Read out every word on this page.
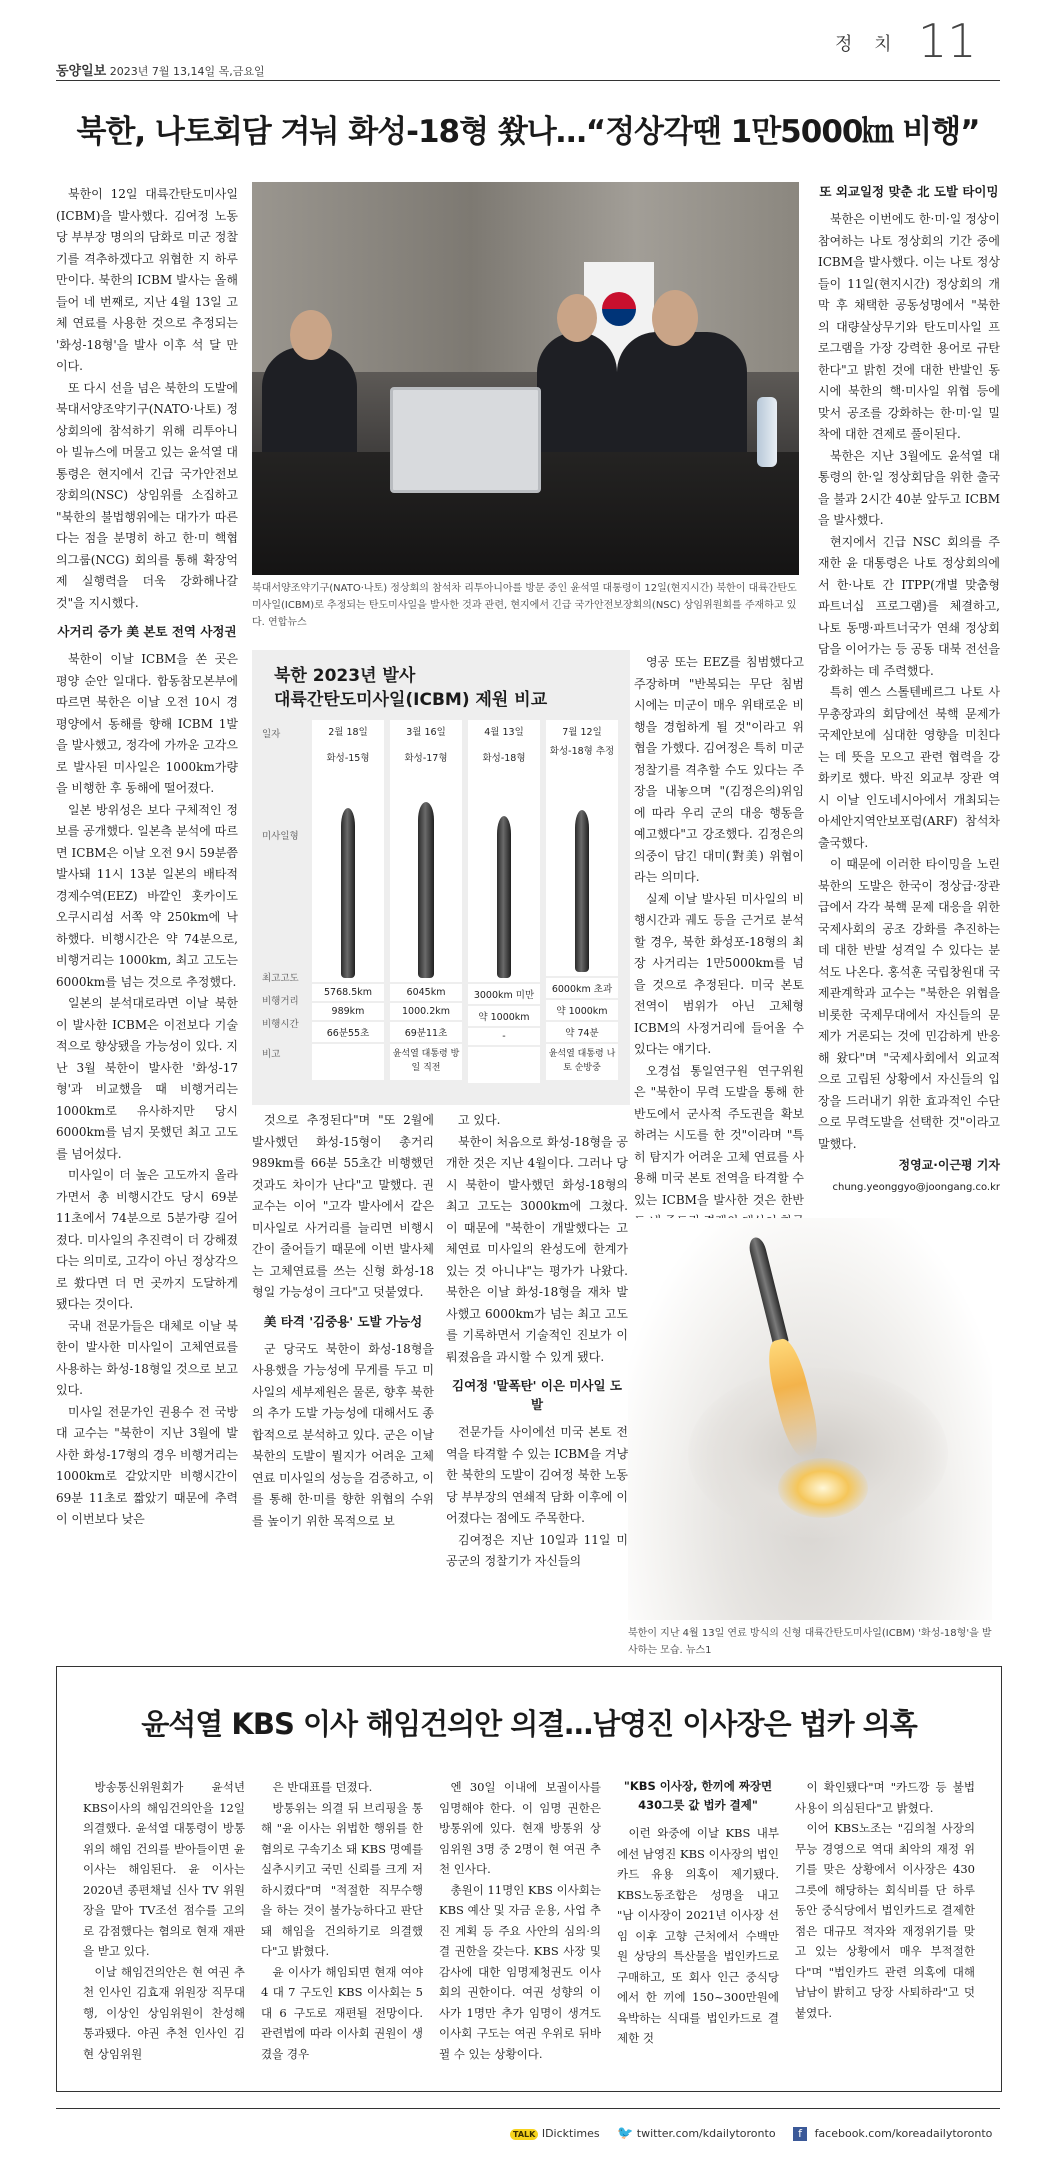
동양일보 2023년 7월 13,14일 목,금요일
정 치 11
북한, 나토회담 겨눠 화성-18형 쐈나…“정상각땐 1만5000㎞ 비행”

북한이 12일 대륙간탄도미사일(ICBM)을 발사했다. 김여정 노동당 부부장 명의의 담화로 미군 정찰기를 격추하겠다고 위협한 지 하루 만이다. 북한의 ICBM 발사는 올해 들어 네 번째로, 지난 4월 13일 고체 연료를 사용한 것으로 추정되는 '화성-18형'을 발사 이후 석 달 만이다.

또 다시 선을 넘은 북한의 도발에 북대서양조약기구(NATO·나토) 정상회의에 참석하기 위해 리투아니아 빌뉴스에 머물고 있는 윤석열 대통령은 현지에서 긴급 국가안전보장회의(NSC) 상임위를 소집하고 "북한의 불법행위에는 대가가 따른다는 점을 분명히 하고 한·미 핵협의그룹(NCG) 회의를 통해 확장억제 실행력을 더욱 강화해나갈 것"을 지시했다.

사거리 증가 美 본토 전역 사정권

북한이 이날 ICBM을 쏜 곳은 평양 순안 일대다. 합동참모본부에 따르면 북한은 이날 오전 10시 경 평양에서 동해를 향해 ICBM 1발을 발사했고, 정각에 가까운 고각으로 발사된 미사일은 1000km가량을 비행한 후 동해에 떨어졌다.

일본 방위성은 보다 구체적인 정보를 공개했다. 일본측 분석에 따르면 ICBM은 이날 오전 9시 59분쯤 발사돼 11시 13분 일본의 배타적경제수역(EEZ) 바깥인 홋카이도 오쿠시리섬 서쪽 약 250km에 낙하했다. 비행시간은 약 74분으로, 비행거리는 1000km, 최고 고도는 6000km를 넘는 것으로 추정했다.

일본의 분석대로라면 이날 북한이 발사한 ICBM은 이전보다 기술적으로 향상됐을 가능성이 있다. 지난 3월 북한이 발사한 '화성-17형'과 비교했을 때 비행거리는 1000km로 유사하지만 당시 6000km를 넘지 못했던 최고 고도를 넘어섰다.

미사일이 더 높은 고도까지 올라가면서 총 비행시간도 당시 69분 11초에서 74분으로 5분가량 길어졌다. 미사일의 추진력이 더 강해졌다는 의미로, 고각이 아닌 정상각으로 쐈다면 더 먼 곳까지 도달하게 됐다는 것이다.

국내 전문가들은 대체로 이날 북한이 발사한 미사일이 고체연료를 사용하는 화성-18형일 것으로 보고 있다.

미사일 전문가인 권용수 전 국방대 교수는 "북한이 지난 3월에 발사한 화성-17형의 경우 비행거리는 1000km로 같았지만 비행시간이 69분 11초로 짧았기 때문에 추력이 이번보다 낮은

북대서양조약기구(NATO·나토) 정상회의 참석차 리투아니아를 방문 중인 윤석열 대통령이 12일(현지시간) 북한이 대륙간탄도미사일(ICBM)로 추정되는 탄도미사일을 발사한 것과 관련, 현지에서 긴급 국가안전보장회의(NSC) 상임위원회를 주재하고 있다. 연합뉴스
북한 2023년 발사
대륙간탄도미사일(ICBM) 제원 비교
일자
미사일형
최고고도
비행거리
비행시간
비고
2월 18일
화성-15형
5768.5km
989km
66분55초
3월 16일
화성-17형
6045km
1000.2km
69분11초
윤석열 대통령 방일 직전
4월 13일
화성-18형
3000km 미만
약 1000km
-
7월 12일
화성-18형 추정
6000km 초과
약 1000km
약 74분
윤석열 대통령 나토 순방중

것으로 추정된다"며 "또 2월에 발사했던 화성-15형이 총거리 989km를 66분 55초간 비행했던 것과도 차이가 난다"고 말했다. 권 교수는 이어 "고각 발사에서 같은 미사일로 사거리를 늘리면 비행시간이 줄어들기 때문에 이번 발사체는 고체연료를 쓰는 신형 화성-18형일 가능성이 크다"고 덧붙였다.

美 타격 '김중용' 도발 가능성

군 당국도 북한이 화성-18형을 사용했을 가능성에 무게를 두고 미사일의 세부제원은 물론, 향후 북한의 추가 도발 가능성에 대해서도 종합적으로 분석하고 있다. 군은 이날 북한의 도발이 뭘지가 어려운 고체 연료 미사일의 성능을 검증하고, 이를 통해 한·미를 향한 위협의 수위를 높이기 위한 목적으로 보

고 있다.

북한이 처음으로 화성-18형을 공개한 것은 지난 4월이다. 그러나 당시 북한이 발사했던 화성-18형의 최고 고도는 3000km에 그쳤다. 이 때문에 "북한이 개발했다는 고체연료 미사일의 완성도에 한계가 있는 것 아니냐"는 평가가 나왔다. 북한은 이날 화성-18형을 재차 발사했고 6000km가 넘는 최고 고도를 기록하면서 기술적인 진보가 이뤄졌음을 과시할 수 있게 됐다.

김여정 '말폭탄' 이은 미사일 도발

전문가들 사이에선 미국 본토 전역을 타격할 수 있는 ICBM을 겨냥한 북한의 도발이 김여정 북한 노동당 부부장의 연쇄적 담화 이후에 이어졌다는 점에도 주목한다.

김여정은 지난 10일과 11일 미 공군의 정찰기가 자신들의

영공 또는 EEZ를 침범했다고 주장하며 "반복되는 무단 침범 시에는 미군이 매우 위태로운 비행을 경험하게 될 것"이라고 위협을 가했다. 김여정은 특히 미군 정찰기를 격추할 수도 있다는 주장을 내놓으며 "(김정은의)위임에 따라 우리 군의 대응 행동을 예고했다"고 강조했다. 김정은의 의중이 담긴 대미(對美) 위협이라는 의미다.

실제 이날 발사된 미사일의 비행시간과 궤도 등을 근거로 분석할 경우, 북한 화성포-18형의 최장 사거리는 1만5000km를 넘을 것으로 추정된다. 미국 본토 전역이 범위가 아닌 고체형 ICBM의 사정거리에 들어올 수 있다는 얘기다.

오경섭 통일연구원 연구위원은 "북한이 무력 도발을 통해 한반도에서 군사적 주도권을 확보하려는 시도를 한 것"이라며 "특히 탐지가 어려운 고체 연료를 사용해 미국 본토 전역을 타격할 수 있는 ICBM을 발사한 것은 한반

또 외교일정 맞춘 北 도발 타이밍

북한은 이번에도 한·미·일 정상이 참여하는 나토 정상회의 기간 중에 ICBM을 발사했다. 이는 나토 정상들이 11일(현지시간) 정상회의 개막 후 채택한 공동성명에서 "북한의 대량살상무기와 탄도미사일 프로그램을 가장 강력한 용어로 규탄한다"고 밝힌 것에 대한 반발인 동시에 북한의 핵·미사일 위협 등에 맞서 공조를 강화하는 한·미·일 밀착에 대한 견제로 풀이된다.

북한은 지난 3월에도 윤석열 대통령의 한·일 정상회담을 위한 출국을 불과 2시간 40분 앞두고 ICBM을 발사했다.

현지에서 긴급 NSC 회의를 주재한 윤 대통령은 나토 정상회의에서 한·나토 간 ITPP(개별 맞춤형 파트너십 프로그램)를 체결하고, 나토 동맹·파트너국가 연쇄 정상회담을 이어가는 등 공동 대북 전선을 강화하는 데 주력했다.

특히 옌스 스톨텐베르그 나토 사무총장과의 회담에선 북핵 문제가 국제안보에 심대한 영향을 미친다는 데 뜻을 모으고 관련 협력을 강화키로 했다. 박진 외교부 장관 역시 이날 인도네시아에서 개최되는 아세안지역안보포럼(ARF) 참석차 출국했다.

이 때문에 이러한 타이밍을 노린 북한의 도발은 한국이 정상급·장관급에서 각각 북핵 문제 대응을 위한 국제사회의 공조 강화를 추진하는 데 대한 반발 성격일 수 있다는 분석도 나온다. 홍석훈 국립창원대 국제관계학과 교수는 "북한은 위협을 비롯한 국제무대에서 자신들의 문제가 거론되는 것에 민감하게 반응해 왔다"며 "국제사회에서 외교적으로 고립된 상황에서 자신들의 입장을 드러내기 위한 효과적인 수단으로 무력도발을 선택한 것"이라고 말했다.

정영교·이근평 기자
chung.yeonggyo@joongang.co.kr
북한이 지난 4월 13일 연료 방식의 신형 대륙간탄도미사일(ICBM) '화성-18형'을 발사하는 모습. 뉴스1
윤석열 KBS 이사 해임건의안 의결…남영진 이사장은 법카 의혹

방송통신위원회가 윤석년 KBS이사의 해임건의안을 12일 의결했다. 윤석열 대통령이 방통위의 해임 건의를 받아들이면 윤 이사는 해임된다. 윤 이사는 2020년 종편채널 신사 TV 위원장을 맡아 TV조선 점수를 고의로 감점했다는 혐의로 현재 재판을 받고 있다.

이날 해임건의안은 현 여권 추천 인사인 김효재 위원장 직무대행, 이상인 상임위원이 찬성해 통과됐다. 야권 추천 인사인 김현 상임위원

은 반대표를 던졌다.

방통위는 의결 뒤 브리핑을 통해 "윤 이사는 위법한 행위를 한 혐의로 구속기소 돼 KBS 명예를 실추시키고 국민 신뢰를 크게 저하시켰다"며 "적절한 직무수행을 하는 것이 불가능하다고 판단돼 해임을 건의하기로 의결했다"고 밝혔다.

윤 이사가 해임되면 현재 여야 4 대 7 구도인 KBS 이사회는 5 대 6 구도로 재편될 전망이다. 관련법에 따라 이사회 권원이 생겼을 경우

엔 30일 이내에 보궐이사를 임명해야 한다. 이 임명 권한은 방통위에 있다. 현재 방통위 상임위원 3명 중 2명이 현 여권 추천 인사다.

총원이 11명인 KBS 이사회는 KBS 예산 및 자금 운용, 사업 추진 계획 등 주요 사안의 심의·의결 권한을 갖는다. KBS 사장 및 감사에 대한 임명제청권도 이사회의 권한이다. 여권 성향의 이사가 1명만 추가 임명이 생겨도 이사회 구도는 여권 우위로 뒤바뀔 수 있는 상황이다.

"KBS 이사장, 한끼에 짜장면 430그릇 값 법카 결제"

이런 와중에 이날 KBS 내부에선 남영진 KBS 이사장의 법인카드 유용 의혹이 제기됐다. KBS노동조합은 성명을 내고 "남 이사장이 2021년 이사장 선임 이후 고향 근처에서 수백만 원 상당의 특산물을 법인카드로 구매하고, 또 회사 인근 중식당에서 한 끼에 150~300만원에 육박하는 식대를 법인카드로 결제한 것

이 확인됐다"며 "카드깡 등 불법 사용이 의심된다"고 밝혔다.

이어 KBS노조는 "김의철 사장의 무능 경영으로 역대 최악의 재정 위기를 맞은 상황에서 이사장은 430그릇에 해당하는 회식비를 단 하루 동안 중식당에서 법인카드로 결제한 점은 대규모 적자와 재정위기를 맞고 있는 상황에서 매우 부적절한다"며 "법인카드 관련 의혹에 대해 남남이 밝히고 당장 사퇴하라"고 덧붙였다.

TALK IDicktimes 🐦 twitter.com/kdailytoronto f facebook.com/koreadailytoronto
